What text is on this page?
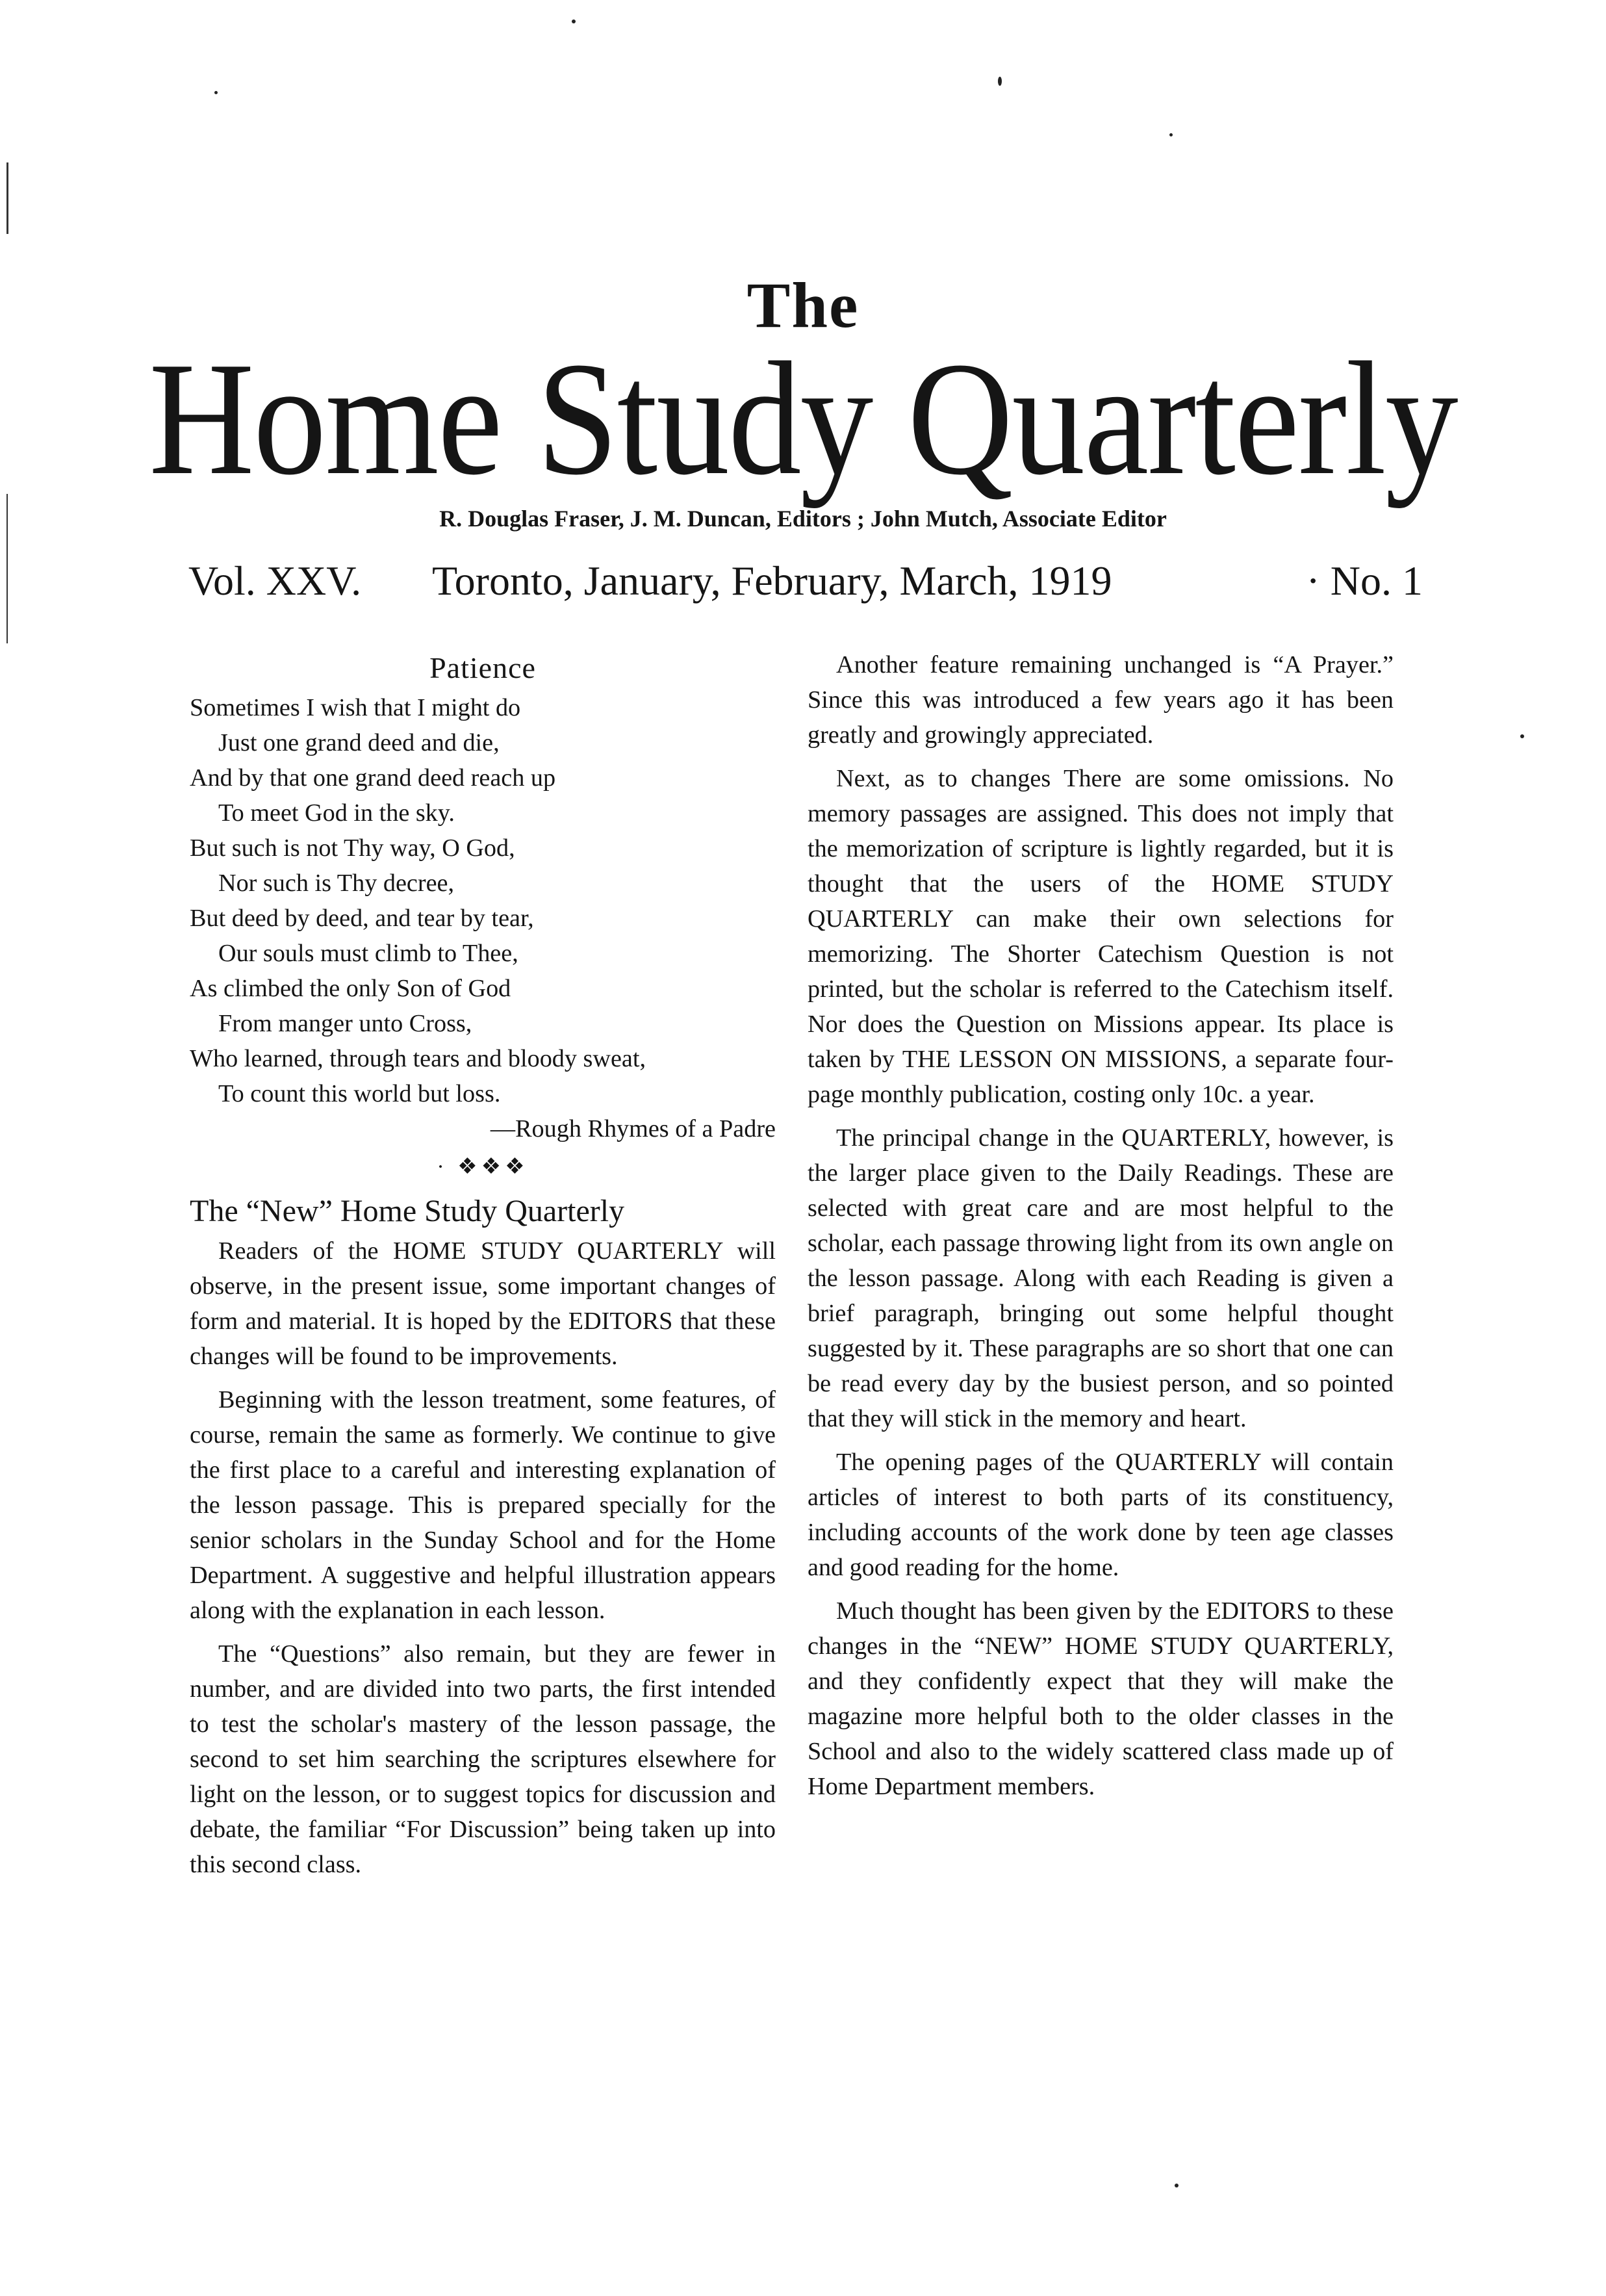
The
Home Study Quarterly
R. Douglas Fraser, J. M. Duncan, Editors ; John Mutch, Associate Editor
Vol. XXV. Toronto, January, February, March, 1919	· No. 1
Patience
Sometimes I wish that I might do
Just one grand deed and die,
And by that one grand deed reach up
To meet God in the sky.
But such is not Thy way, O God,
Nor such is Thy decree,
But deed by deed, and tear by tear,
Our souls must climb to Thee,
As climbed the only Son of God
From manger unto Cross,
Who learned, through tears and bloody sweat,
To count this world but loss.
—Rough Rhymes of a Padre
· ❖❖❖
The “New” Home Study Quarterly

Readers of the HOME STUDY QUARTERLY will observe, in the present issue, some important changes of form and material. It is hoped by the EDITORS that these changes will be found to be improvements.

Beginning with the lesson treatment, some features, of course, remain the same as formerly. We continue to give the first place to a careful and interesting explanation of the lesson passage. This is prepared specially for the senior scholars in the Sunday School and for the Home Department. A suggestive and helpful illustration appears along with the explanation in each lesson.

The “Questions” also remain, but they are fewer in number, and are divided into two parts, the first intended to test the scholar's mastery of the lesson passage, the second to set him searching the scriptures elsewhere for light on the lesson, or to suggest topics for discussion and debate, the familiar “For Discussion” being taken up into this second class.

Another feature remaining unchanged is “A Prayer.” Since this was introduced a few years ago it has been greatly and growingly appreciated.

Next, as to changes There are some omissions. No memory passages are assigned. This does not imply that the memorization of scripture is lightly regarded, but it is thought that the users of the HOME STUDY QUARTERLY can make their own selections for memorizing. The Shorter Catechism Question is not printed, but the scholar is referred to the Catechism itself. Nor does the Question on Missions appear. Its place is taken by THE LESSON ON MISSIONS, a separate four-page monthly publication, costing only 10c. a year.

The principal change in the QUARTERLY, however, is the larger place given to the Daily Readings. These are selected with great care and are most helpful to the scholar, each passage throwing light from its own angle on the lesson passage. Along with each Reading is given a brief paragraph, bringing out some helpful thought suggested by it. These paragraphs are so short that one can be read every day by the busiest person, and so pointed that they will stick in the memory and heart.

The opening pages of the QUARTERLY will contain articles of interest to both parts of its constituency, including accounts of the work done by teen age classes and good reading for the home.

Much thought has been given by the EDITORS to these changes in the “NEW” HOME STUDY QUARTERLY, and they confidently expect that they will make the magazine more helpful both to the older classes in the School and also to the widely scattered class made up of Home Department members.
